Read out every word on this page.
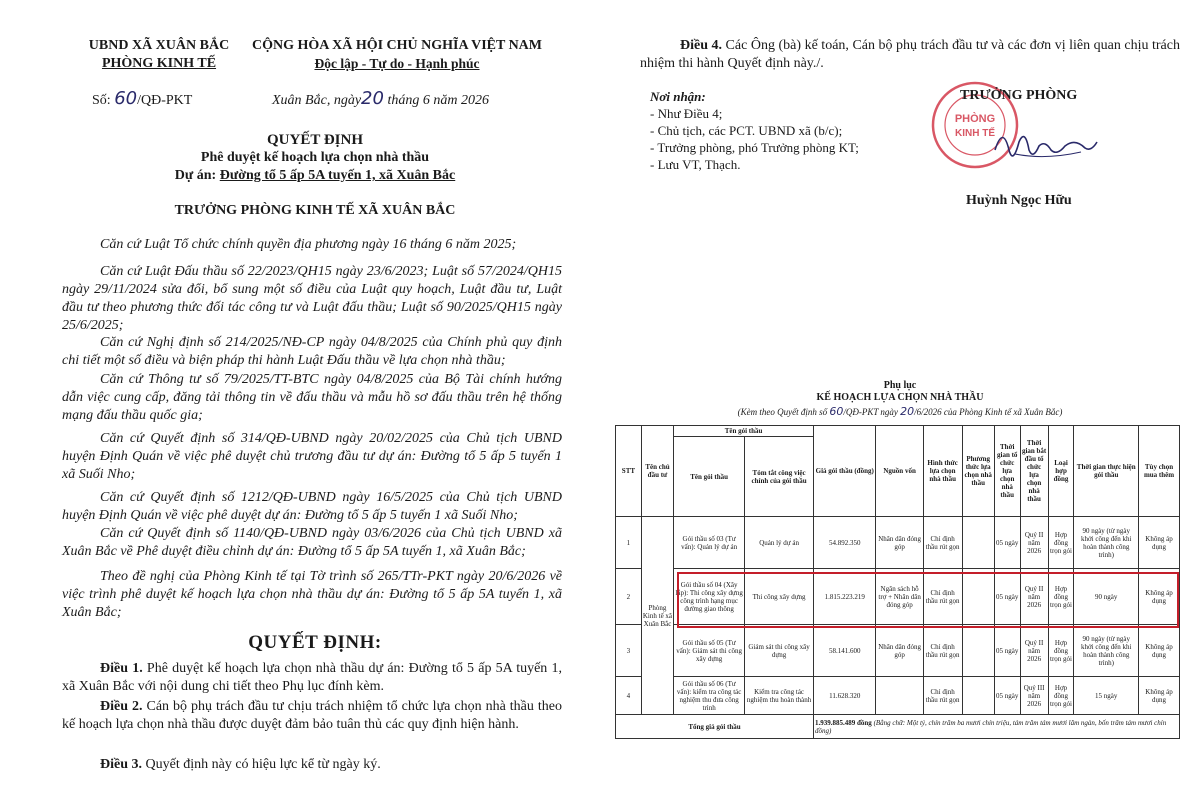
UBND XÃ XUÂN BẮC
PHÒNG KINH TẾ
CỘNG HÒA XÃ HỘI CHỦ NGHĨA VIỆT NAM
Độc lập - Tự do - Hạnh phúc
Số: 60/QĐ-PKT	Xuân Bắc, ngày20 tháng 6 năm 2026
QUYẾT ĐỊNH
Phê duyệt kế hoạch lựa chọn nhà thầu
Dự án: Đường tổ 5 ấp 5A tuyến 1, xã Xuân Bắc
TRƯỞNG PHÒNG KINH TẾ XÃ XUÂN BẮC
Căn cứ Luật Tổ chức chính quyền địa phương ngày 16 tháng 6 năm 2025;
Căn cứ Luật Đấu thầu số 22/2023/QH15 ngày 23/6/2023; Luật số 57/2024/QH15 ngày 29/11/2024 sửa đổi, bổ sung một số điều của Luật quy hoạch, Luật đầu tư, Luật đầu tư theo phương thức đối tác công tư và Luật đấu thầu; Luật số 90/2025/QH15 ngày 25/6/2025;
Căn cứ Nghị định số 214/2025/NĐ-CP ngày 04/8/2025 của Chính phủ quy định chi tiết một số điều và biện pháp thi hành Luật Đấu thầu về lựa chọn nhà thầu;
Căn cứ Thông tư số 79/2025/TT-BTC ngày 04/8/2025 của Bộ Tài chính hướng dẫn việc cung cấp, đăng tải thông tin về đấu thầu và mẫu hồ sơ đấu thầu trên hệ thống mạng đấu thầu quốc gia;
Căn cứ Quyết định số 314/QĐ-UBND ngày 20/02/2025 của Chủ tịch UBND huyện Định Quán về việc phê duyệt chủ trương đầu tư dự án: Đường tổ 5 ấp 5 tuyến 1 xã Suối Nho;
Căn cứ Quyết định số 1212/QĐ-UBND ngày 16/5/2025 của Chủ tịch UBND huyện Định Quán về việc phê duyệt dự án: Đường tổ 5 ấp 5 tuyến 1 xã Suối Nho;
Căn cứ Quyết định số 1140/QĐ-UBND ngày 03/6/2026 của Chủ tịch UBND xã Xuân Bắc về Phê duyệt điều chỉnh dự án: Đường tổ 5 ấp 5A tuyến 1, xã Xuân Bắc;
Theo đề nghị của Phòng Kinh tế tại Tờ trình số 265/TTr-PKT ngày 20/6/2026 về việc trình phê duyệt kế hoạch lựa chọn nhà thầu dự án: Đường tổ 5 ấp 5A tuyến 1, xã Xuân Bắc;
QUYẾT ĐỊNH:
Điều 1. Phê duyệt kế hoạch lựa chọn nhà thầu dự án: Đường tổ 5 ấp 5A tuyến 1, xã Xuân Bắc với nội dung chi tiết theo Phụ lục đính kèm.
Điều 2. Cán bộ phụ trách đầu tư chịu trách nhiệm tổ chức lựa chọn nhà thầu theo kế hoạch lựa chọn nhà thầu được duyệt đảm bảo tuân thủ các quy định hiện hành.
Điều 3. Quyết định này có hiệu lực kể từ ngày ký.
Điều 4. Các Ông (bà) kế toán, Cán bộ phụ trách đầu tư và các đơn vị liên quan chịu trách nhiệm thi hành Quyết định này./.
Nơi nhận:
- Như Điều 4;
- Chủ tịch, các PCT. UBND xã (b/c);
- Trưởng phòng, phó Trưởng phòng KT;
- Lưu VT, Thạch.
PHÒNG
KINH TẾ
TRƯỞNG PHÒNG
Huỳnh Ngọc Hữu
Phụ lục
KẾ HOẠCH LỰA CHỌN NHÀ THẦU
(Kèm theo Quyết định số 60/QĐ-PKT ngày 20/6/2026 của Phòng Kinh tế xã Xuân Bắc)
STT	Tên chủ đầu tư	Tên gói thầu		Giá gói thầu (đồng)	Nguồn vốn	Hình thức lựa chọn nhà thầu	Phương thức lựa chọn nhà thầu	Thời gian tổ chức lựa chọn nhà thầu	Thời gian bắt đầu tổ chức lựa chọn nhà thầu	Loại hợp đồng	Thời gian thực hiện gói thầu	Tùy chọn mua thêm
		Tên gói thầu	Tóm tắt công việc chính của gói thầu									
1	Phòng Kinh tế xã Xuân Bắc	Gói thầu số 03 (Tư vấn): Quản lý dự án	Quản lý dự án	54.892.350	Nhân dân đóng góp	Chỉ định thầu rút gọn		05 ngày	Quý II năm 2026	Hợp đồng trọn gói	90 ngày (từ ngày khởi công đến khi hoàn thành công trình)	Không áp dụng
2		Gói thầu số 04 (Xây lắp): Thi công xây dựng công trình hạng mục đường giao thông	Thi công xây dựng	1.815.223.219	Ngân sách hỗ trợ + Nhân dân đóng góp	Chỉ định thầu rút gọn		05 ngày	Quý II năm 2026	Hợp đồng trọn gói	90 ngày	Không áp dụng
3		Gói thầu số 05 (Tư vấn): Giám sát thi công xây dựng	Giám sát thi công xây dựng	58.141.600	Nhân dân đóng góp	Chỉ định thầu rút gọn		05 ngày	Quý II năm 2026	Hợp đồng trọn gói	90 ngày (từ ngày khởi công đến khi hoàn thành công trình)	Không áp dụng
4		Gói thầu số 06 (Tư vấn): kiểm tra công tác nghiệm thu đưa công trình	Kiểm tra công tác nghiệm thu hoàn thành	11.628.320		Chỉ định thầu rút gọn		05 ngày	Quý III năm 2026	Hợp đồng trọn gói	15 ngày	Không áp dụng
Tổng giá gói thầu				1.939.885.489 đồng (Bằng chữ: Một tỷ, chín trăm ba mươi chín triệu, tám trăm tám mươi lăm ngàn, bốn trăm tám mươi chín đồng)								
